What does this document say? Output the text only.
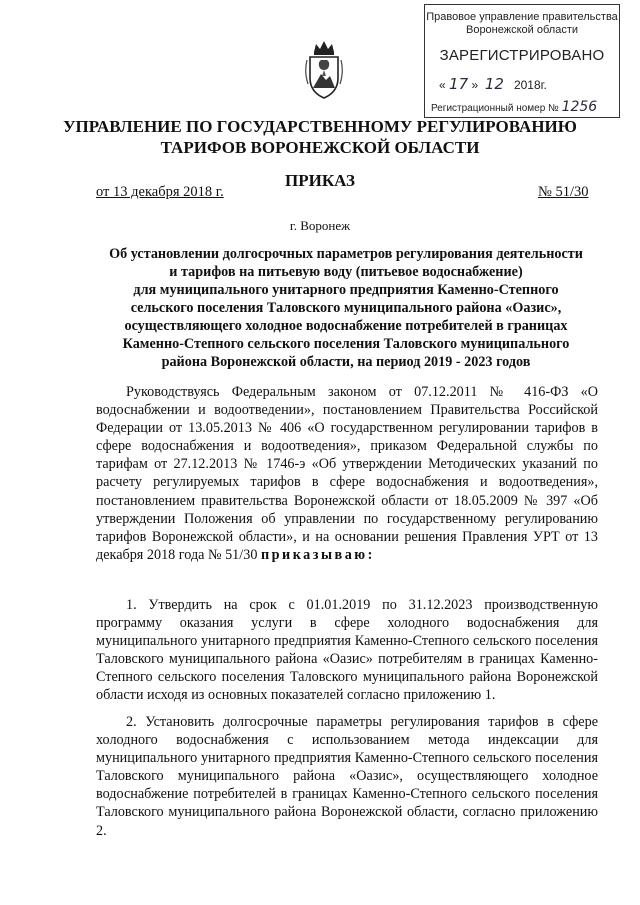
Правовое управление правительства
Воронежской области
ЗАРЕГИСТРИРОВАНО
« 17 » 12 2018г.
Регистрационный номер № 1256
УПРАВЛЕНИЕ ПО ГОСУДАРСТВЕННОМУ РЕГУЛИРОВАНИЮ
ТАРИФОВ ВОРОНЕЖСКОЙ ОБЛАСТИ
ПРИКАЗ
от 13 декабря 2018 г.	№ 51/30
г. Воронеж
Об установлении долгосрочных параметров регулирования деятельности
и тарифов на питьевую воду (питьевое водоснабжение)
для муниципального унитарного предприятия Каменно-Степного
сельского поселения Таловского муниципального района «Оазис»,
осуществляющего холодное водоснабжение потребителей в границах
Каменно-Степного сельского поселения Таловского муниципального
района Воронежской области, на период 2019 - 2023 годов
Руководствуясь Федеральным законом от 07.12.2011 № 416-ФЗ «О водоснабжении и водоотведении», постановлением Правительства Российской Федерации от 13.05.2013 № 406 «О государственном регулировании тарифов в сфере водоснабжения и водоотведения», приказом Федеральной службы по тарифам от 27.12.2013 № 1746-э «Об утверждении Методических указаний по расчету регулируемых тарифов в сфере водоснабжения и водоотведения», постановлением правительства Воронежской области от 18.05.2009 № 397 «Об утверждении Положения об управлении по государственному регулированию тарифов Воронежской области», и на основании решения Правления УРТ от 13 декабря 2018 года № 51/30 приказываю:
1. Утвердить на срок с 01.01.2019 по 31.12.2023 производственную программу оказания услуги в сфере холодного водоснабжения для муниципального унитарного предприятия Каменно-Степного сельского поселения Таловского муниципального района «Оазис» потребителям в границах Каменно-Степного сельского поселения Таловского муниципального района Воронежской области исходя из основных показателей согласно приложению 1.
2. Установить долгосрочные параметры регулирования тарифов в сфере холодного водоснабжения с использованием метода индексации для муниципального унитарного предприятия Каменно-Степного сельского поселения Таловского муниципального района «Оазис», осуществляющего холодное водоснабжение потребителей в границах Каменно-Степного сельского поселения Таловского муниципального района Воронежской области, согласно приложению 2.
